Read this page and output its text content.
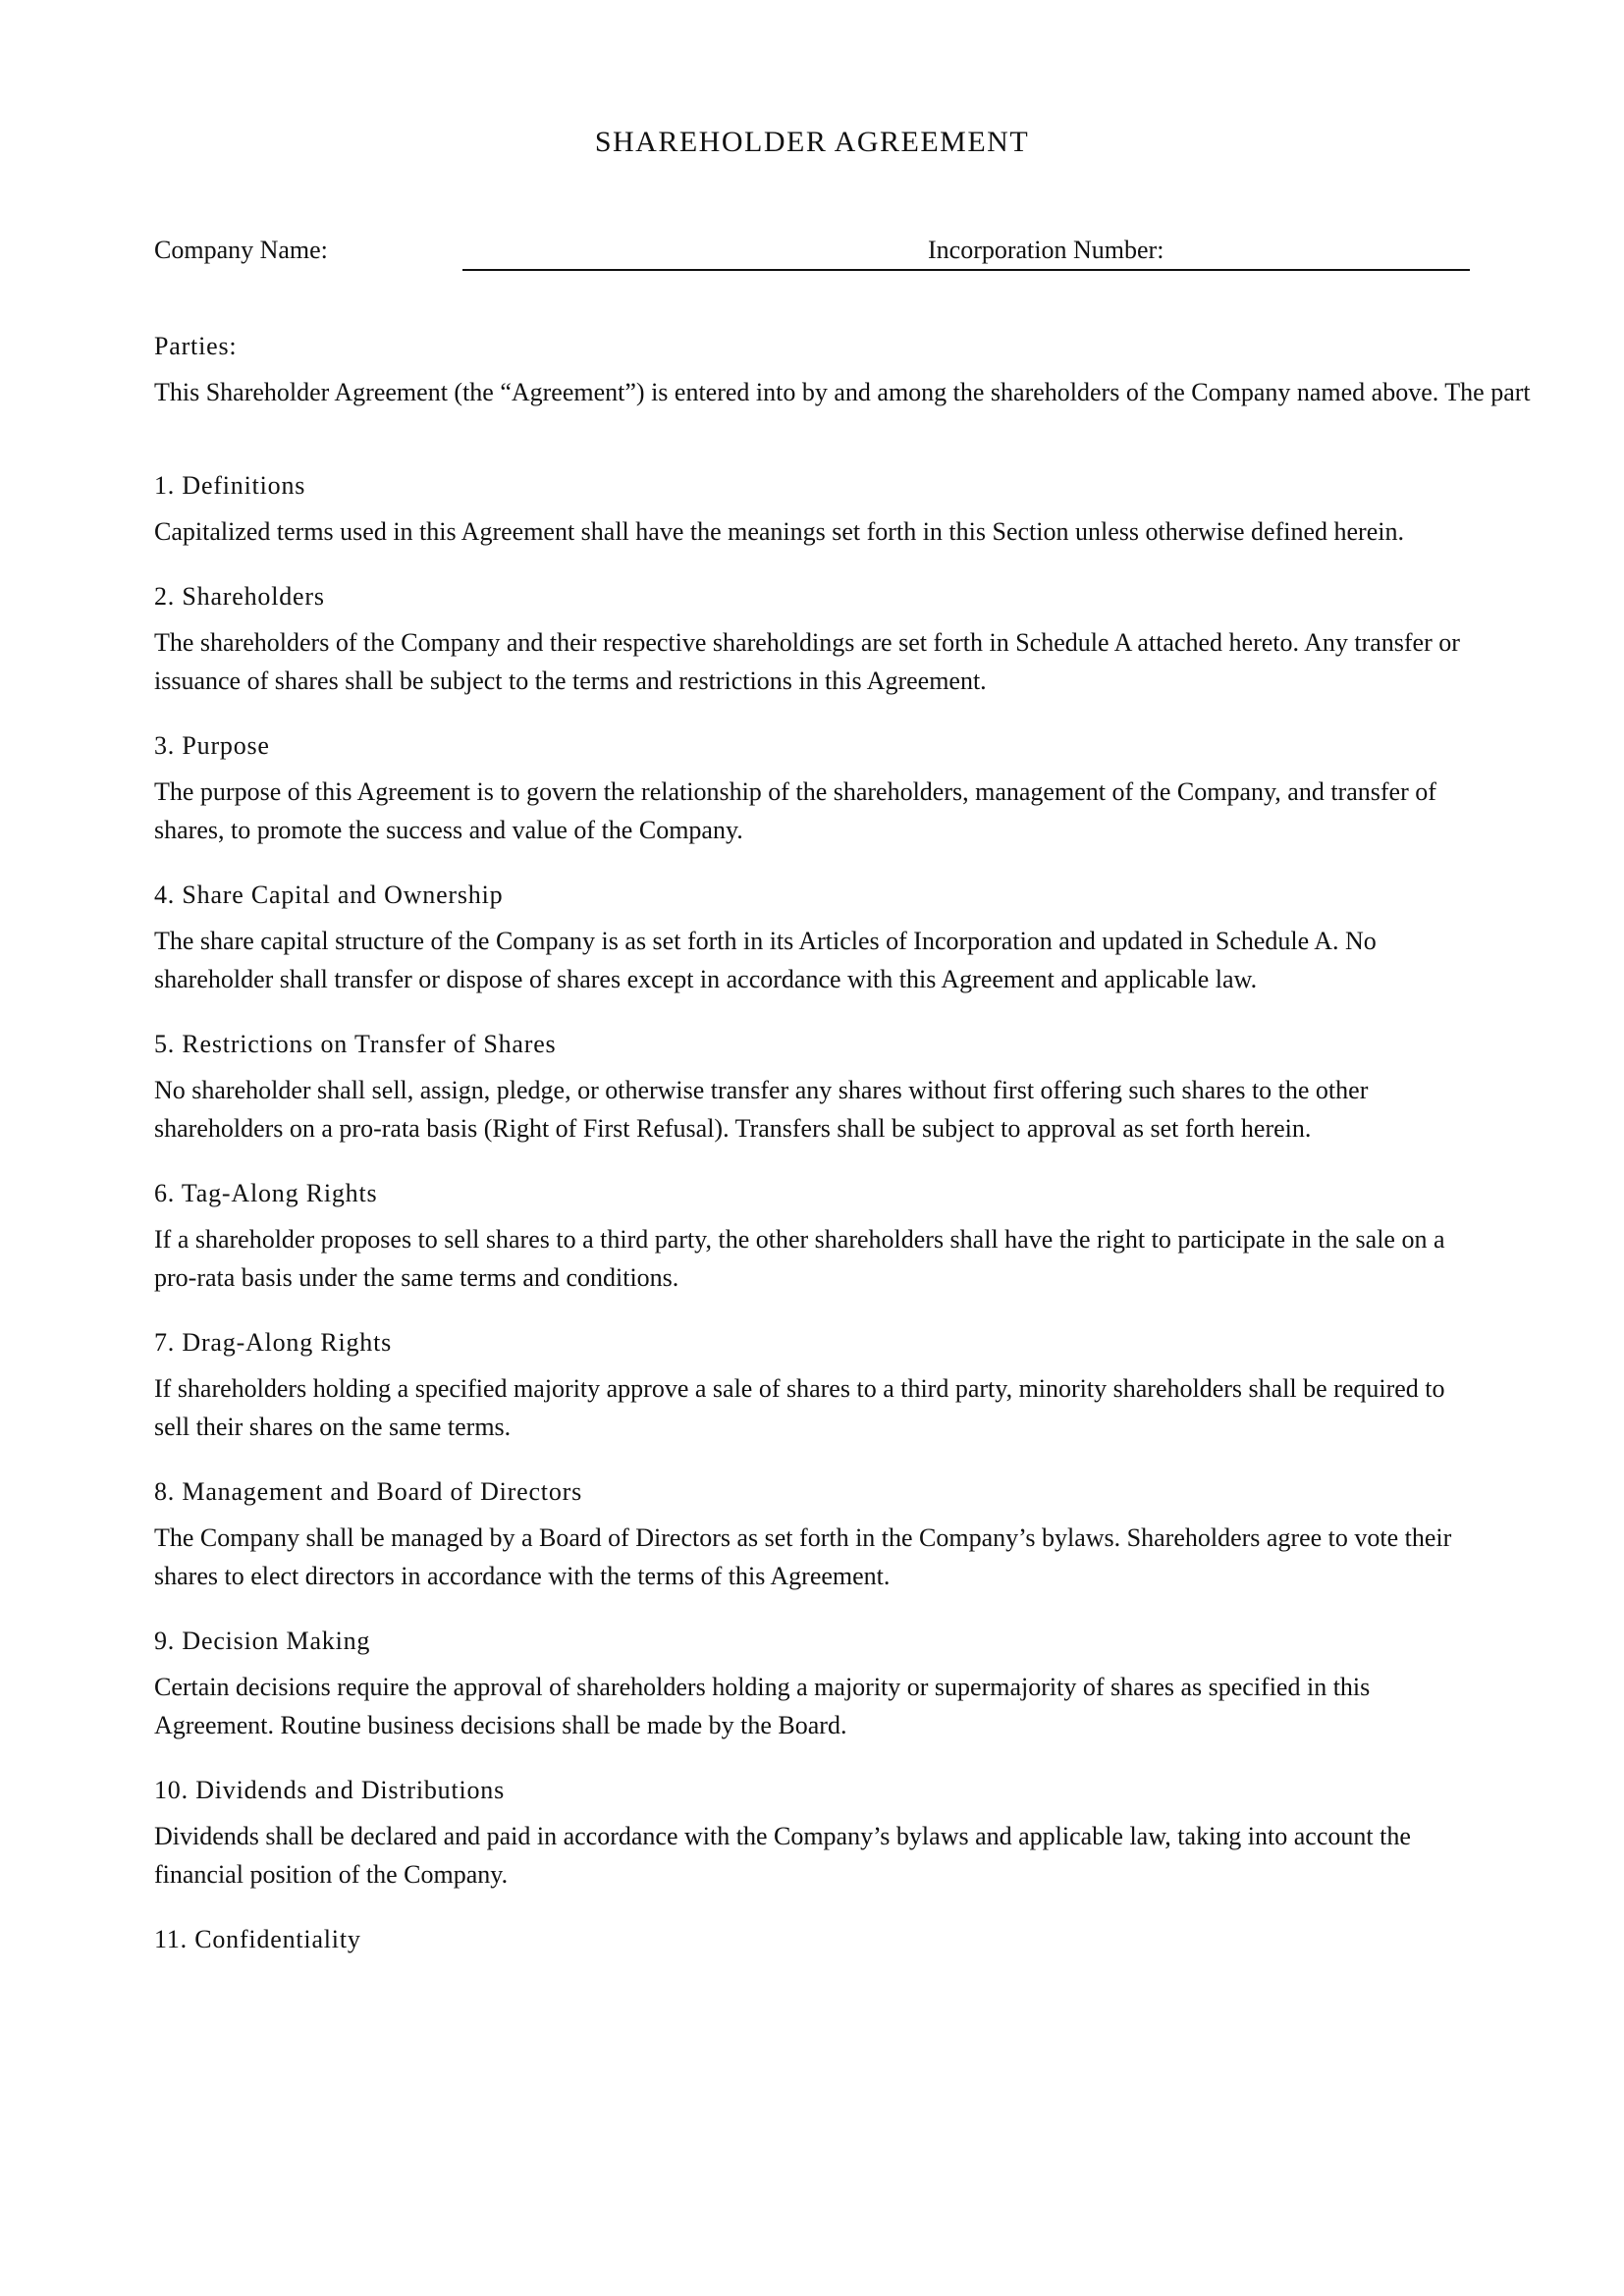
SHAREHOLDER AGREEMENT
Company Name:	Incorporation Number:
Parties:
This Shareholder Agreement (the “Agreement”) is entered into by and among the shareholders of the Company named above. The part
1. Definitions

Capitalized terms used in this Agreement shall have the meanings set forth in this Section unless otherwise defined herein.

2. Shareholders

The shareholders of the Company and their respective shareholdings are set forth in Schedule A attached hereto. Any transfer or issuance of shares shall be subject to the terms and restrictions in this Agreement.

3. Purpose

The purpose of this Agreement is to govern the relationship of the shareholders, management of the Company, and transfer of shares, to promote the success and value of the Company.

4. Share Capital and Ownership

The share capital structure of the Company is as set forth in its Articles of Incorporation and updated in Schedule A. No shareholder shall transfer or dispose of shares except in accordance with this Agreement and applicable law.

5. Restrictions on Transfer of Shares

No shareholder shall sell, assign, pledge, or otherwise transfer any shares without first offering such shares to the other shareholders on a pro-rata basis (Right of First Refusal). Transfers shall be subject to approval as set forth herein.

6. Tag-Along Rights

If a shareholder proposes to sell shares to a third party, the other shareholders shall have the right to participate in the sale on a pro-rata basis under the same terms and conditions.

7. Drag-Along Rights

If shareholders holding a specified majority approve a sale of shares to a third party, minority shareholders shall be required to sell their shares on the same terms.

8. Management and Board of Directors

The Company shall be managed by a Board of Directors as set forth in the Company’s bylaws. Shareholders agree to vote their shares to elect directors in accordance with the terms of this Agreement.

9. Decision Making

Certain decisions require the approval of shareholders holding a majority or supermajority of shares as specified in this Agreement. Routine business decisions shall be made by the Board.

10. Dividends and Distributions

Dividends shall be declared and paid in accordance with the Company’s bylaws and applicable law, taking into account the financial position of the Company.

11. Confidentiality
